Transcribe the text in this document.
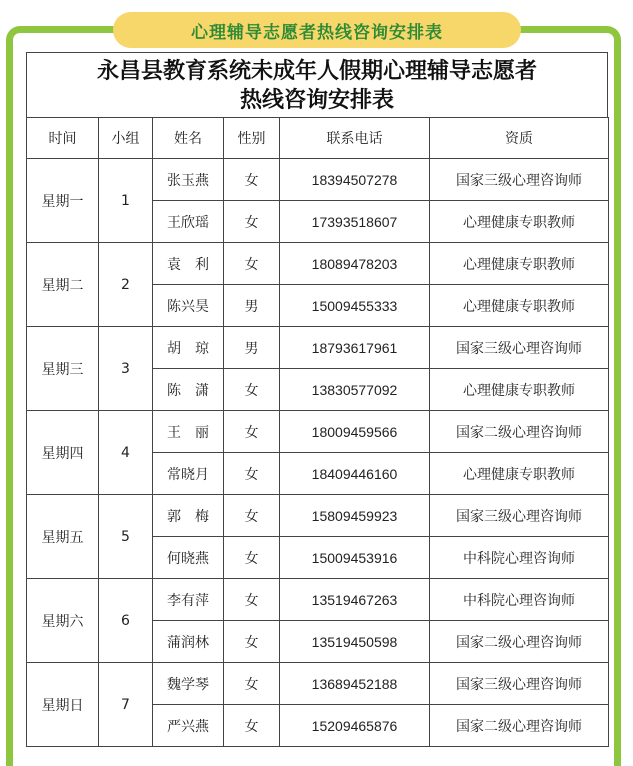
心理辅导志愿者热线咨询安排表
永昌县教育系统未成年人假期心理辅导志愿者
热线咨询安排表
时间	小组	姓名	性别	联系电话	资质
星期一	1	张玉燕	女	18394507278	国家三级心理咨询师
		王欣瑶	女	17393518607	心理健康专职教师
星期二	2	袁　利	女	18089478203	心理健康专职教师
		陈兴昊	男	15009455333	心理健康专职教师
星期三	3	胡　琼	男	18793617961	国家三级心理咨询师
		陈　潇	女	13830577092	心理健康专职教师
星期四	4	王　丽	女	18009459566	国家二级心理咨询师
		常晓月	女	18409446160	心理健康专职教师
星期五	5	郭　梅	女	15809459923	国家三级心理咨询师
		何晓燕	女	15009453916	中科院心理咨询师
星期六	6	李有萍	女	13519467263	中科院心理咨询师
		蒲润林	女	13519450598	国家二级心理咨询师
星期日	7	魏学琴	女	13689452188	国家三级心理咨询师
		严兴燕	女	15209465876	国家二级心理咨询师
